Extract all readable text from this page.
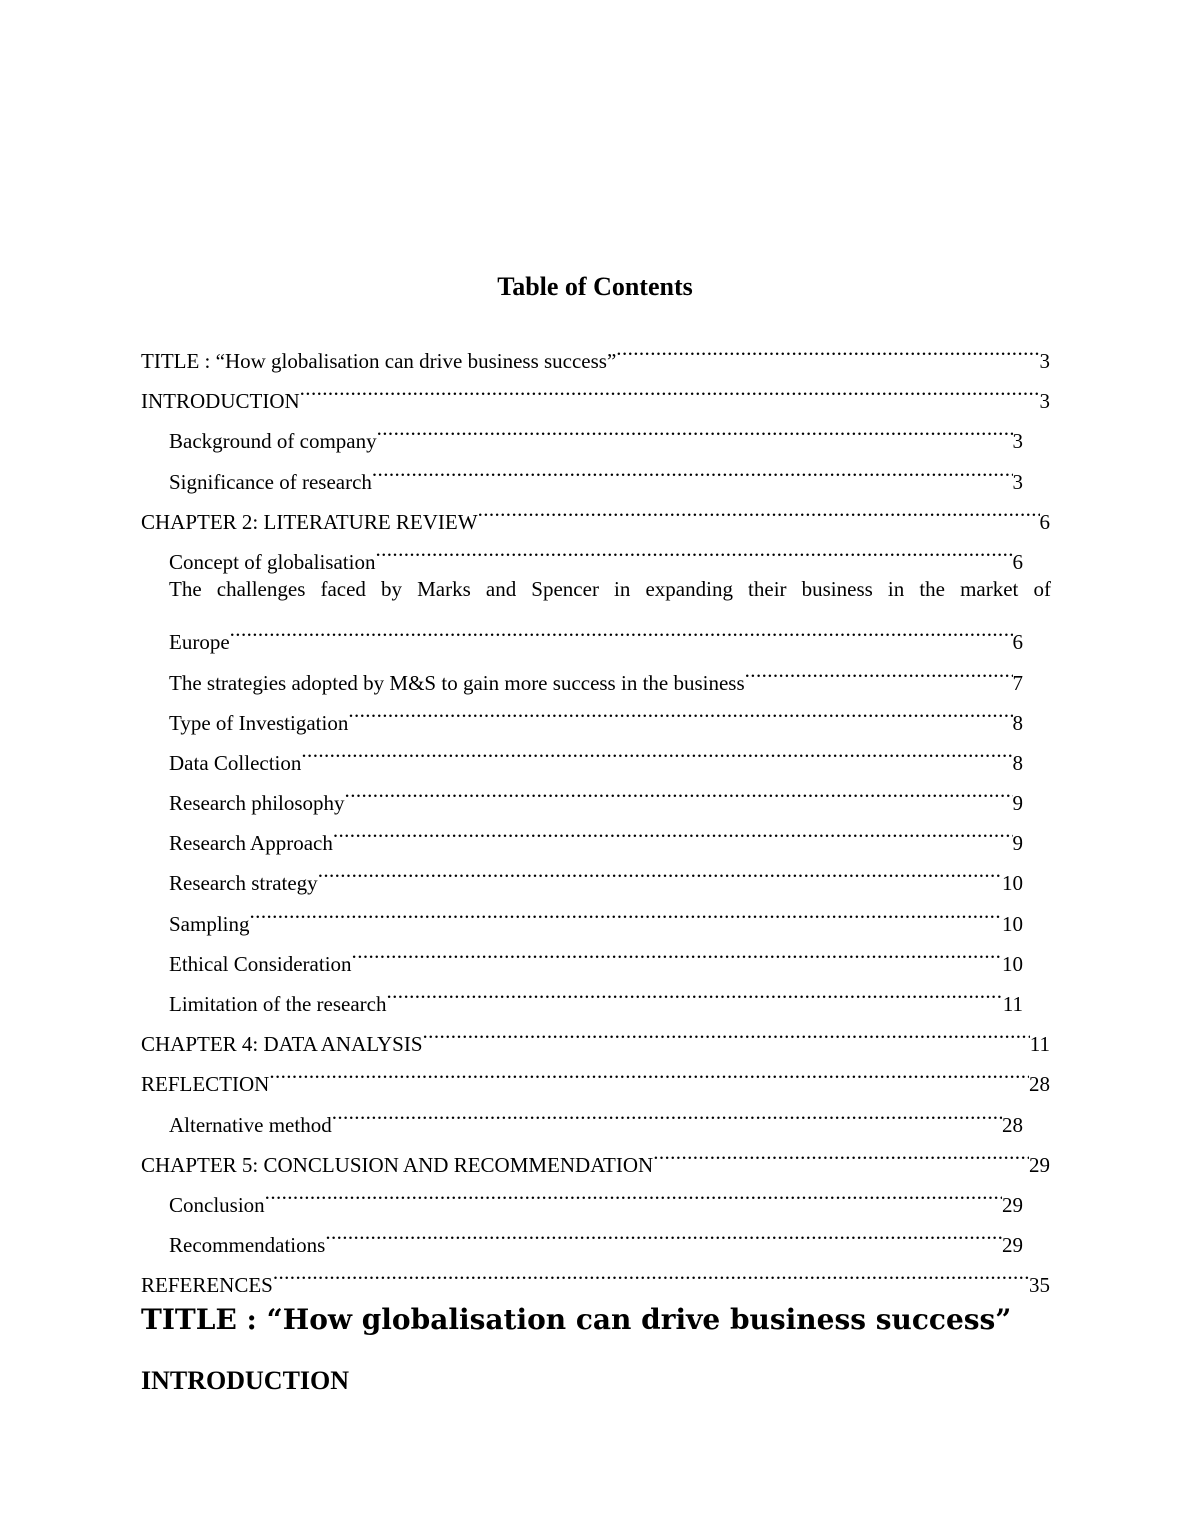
Table of Contents
TITLE : “How globalisation can drive business success” .....	3
INTRODUCTION .....	3
Background of company .....	3
Significance of research .....	3
CHAPTER 2: LITERATURE REVIEW .....	6
Concept of globalisation .....	6
The challenges faced by Marks and Spencer in expanding their business in the market of
Europe .....	6
The strategies adopted by M&S to gain more success in the business .....	7
Type of Investigation .....	8
Data Collection .....	8
Research philosophy .....	9
Research Approach .....	9
Research strategy .....	10
Sampling .....	10
Ethical Consideration .....	10
Limitation of the research .....	11
CHAPTER 4: DATA ANALYSIS .....	11
REFLECTION .....	28
Alternative method .....	28
CHAPTER 5: CONCLUSION AND RECOMMENDATION .....	29
Conclusion .....	29
Recommendations .....	29
REFERENCES .....	35
TITLE : “How globalisation can drive business success”
INTRODUCTION
